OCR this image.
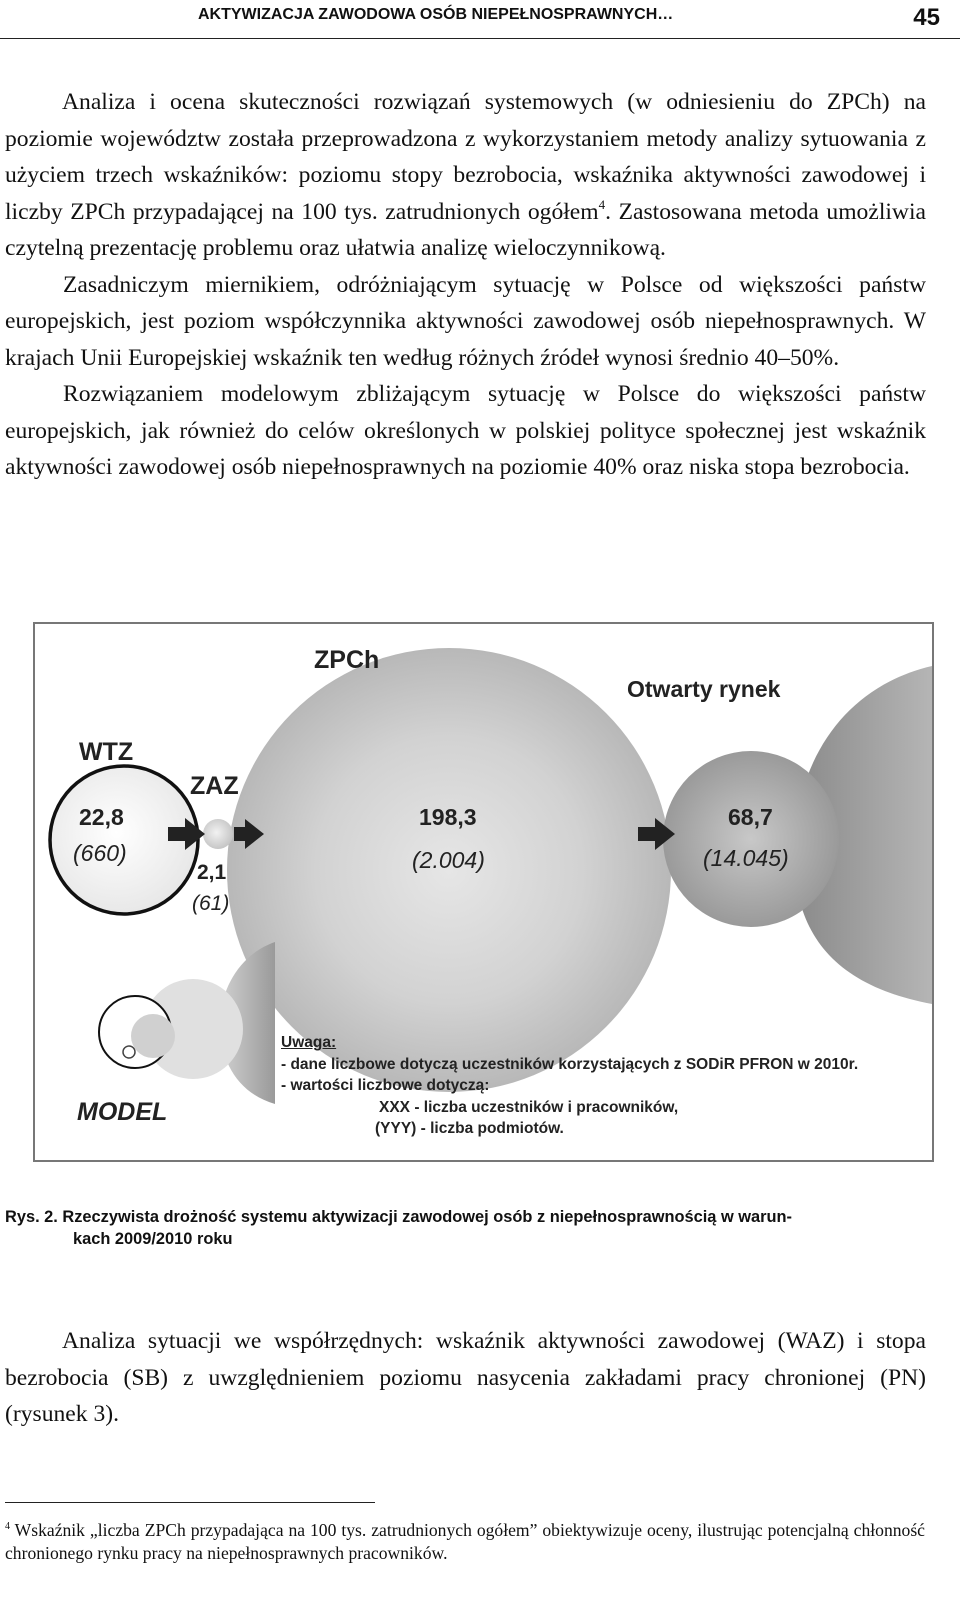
AKTYWIZACJA ZAWODOWA OSÓB NIEPEŁNOSPRAWNYCH…	45

Analiza i ocena skuteczności rozwiązań systemowych (w odniesieniu do ZPCh) na poziomie województw została przeprowadzona z wykorzystaniem metody analizy sytuowania z użyciem trzech wskaźników: poziomu stopy bezrobocia, wskaźnika aktywności zawodowej i liczby ZPCh przypadającej na 100 tys. zatrudnionych ogółem$^4$. Zastosowana metoda umożliwia czytelną prezentację problemu oraz ułatwia analizę wieloczynnikową.

Zasadniczym miernikiem, odróżniającym sytuację w Polsce od większości państw europejskich, jest poziom współczynnika aktywności zawodowej osób niepełnosprawnych. W krajach Unii Europejskiej wskaźnik ten według różnych źródeł wynosi średnio 40–50%.

Rozwiązaniem modelowym zbliżającym sytuację w Polsce do większości państw europejskich, jak również do celów określonych w polskiej polityce społecznej jest wskaźnik aktywności zawodowej osób niepełnosprawnych na poziomie 40% oraz niska stopa bezrobocia.

ZPCh
Otwarty rynek
WTZ
ZAZ
22,8
(660)
2,1
(61)
198,3
(2.004)
68,7
(14.045)
MODEL
Uwaga:
- dane liczbowe dotyczą uczestników korzystających z SODiR PFRON w 2010r.
- wartości liczbowe dotyczą:
XXX - liczba uczestników i pracowników,
(YYY) - liczba podmiotów.
Rys. 2. Rzeczywista drożność systemu aktywizacji zawodowej osób z niepełnosprawnością w warun-
kach 2009/2010 roku

Analiza sytuacji we współrzędnych: wskaźnik aktywności zawodowej (WAZ) i stopa bezrobocia (SB) z uwzględnieniem poziomu nasycenia zakładami pracy chronionej (PN) (rysunek 3).

$^4$ Wskaźnik „liczba ZPCh przypadająca na 100 tys. zatrudnionych ogółem” obiektywizuje oceny, ilustrując potencjalną chłonność chronionego rynku pracy na niepełnosprawnych pracowników.
